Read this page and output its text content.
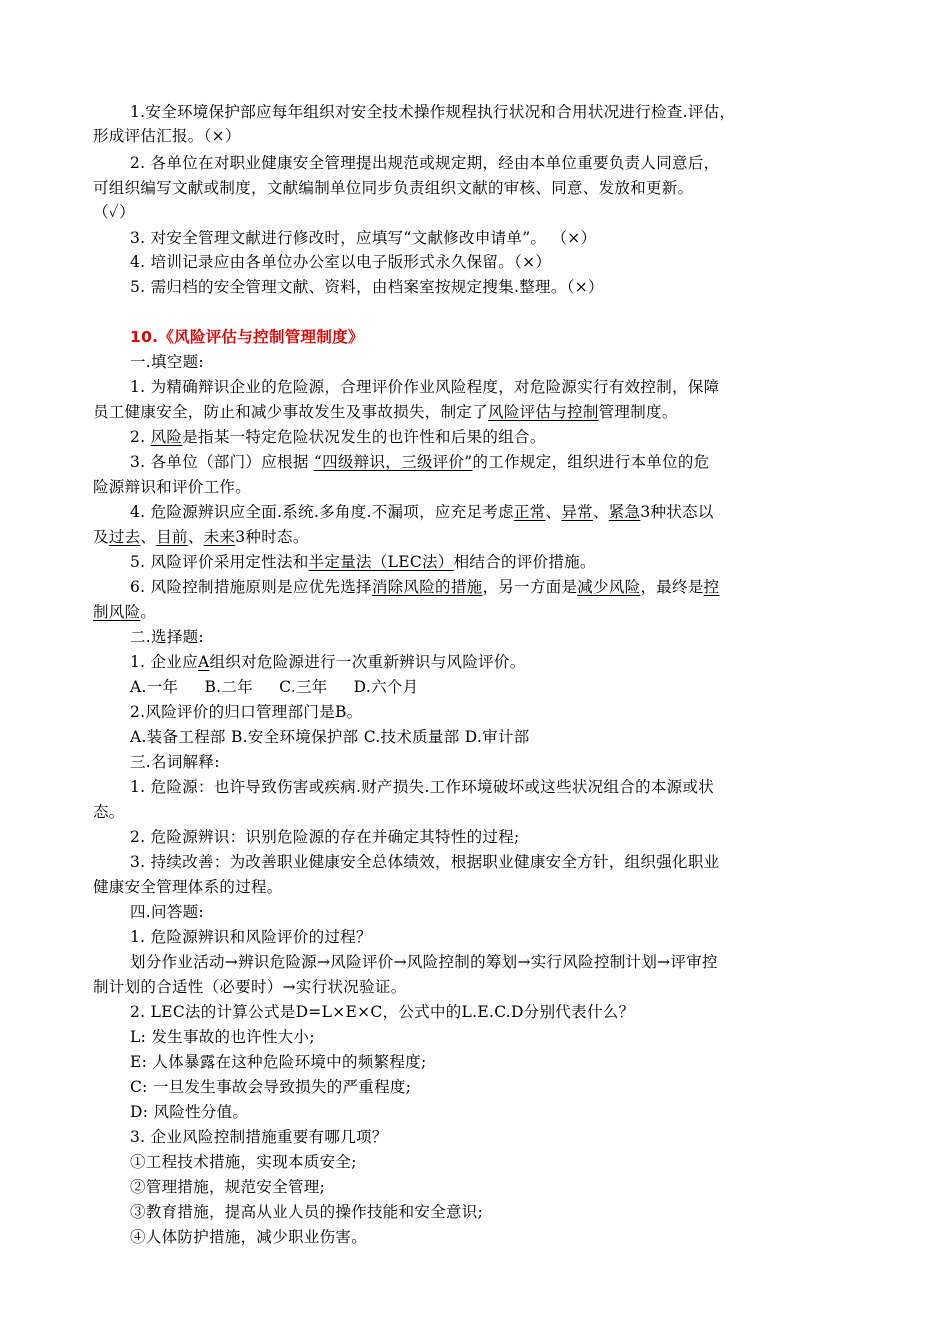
1.安全环境保护部应每年组织对安全技术操作规程执行状况和合用状况进行检查.评估，
形成评估汇报。（×）
2. 各单位在对职业健康安全管理提出规范或规定期，经由本单位重要负责人同意后，
可组织编写文献或制度，文献编制单位同步负责组织文献的审核、同意、发放和更新。
（✓）
3. 对安全管理文献进行修改时，应填写“文献修改申请单”。 （×）
4. 培训记录应由各单位办公室以电子版形式永久保留。（×）
5. 需归档的安全管理文献、资料，由档案室按规定搜集.整理。（×）
10.《风险评估与控制管理制度》
一.填空题:
1. 为精确辩识企业的危险源，合理评价作业风险程度，对危险源实行有效控制，保障
员工健康安全，防止和减少事故发生及事故损失，制定了风险评估与控制管理制度。
2. 风险是指某一特定危险状况发生的也许性和后果的组合。
3. 各单位（部门）应根据 “四级辩识，三级评价”的工作规定，组织进行本单位的危
险源辩识和评价工作。
4. 危险源辨识应全面.系统.多角度.不漏项，应充足考虑正常、异常、紧急3种状态以
及过去、目前、未来3种时态。
5. 风险评价采用定性法和半定量法（LEC法）相结合的评价措施。
6. 风险控制措施原则是应优先选择消除风险的措施，另一方面是减少风险，最终是控
制风险。
二.选择题:
1. 企业应A组织对危险源进行一次重新辨识与风险评价。
A.一年     B.二年     C.三年     D.六个月
2.风险评价的归口管理部门是B。
A.装备工程部 B.安全环境保护部 C.技术质量部 D.审计部
三.名词解释:
1. 危险源：也许导致伤害或疾病.财产损失.工作环境破坏或这些状况组合的本源或状
态。
2. 危险源辨识：识别危险源的存在并确定其特性的过程;
3. 持续改善：为改善职业健康安全总体绩效，根据职业健康安全方针，组织强化职业
健康安全管理体系的过程。
四.问答题:
1. 危险源辨识和风险评价的过程？
划分作业活动→辨识危险源→风险评价→风险控制的筹划→实行风险控制计划→评审控
制计划的合适性（必要时）→实行状况验证。
2. LEC法的计算公式是D=L×E×C，公式中的L.E.C.D分别代表什么？
L: 发生事故的也许性大小;
E: 人体暴露在这种危险环境中的频繁程度;
C: 一旦发生事故会导致损失的严重程度;
D: 风险性分值。
3. 企业风险控制措施重要有哪几项？
①工程技术措施，实现本质安全;
②管理措施，规范安全管理;
③教育措施，提高从业人员的操作技能和安全意识;
④人体防护措施，减少职业伤害。
